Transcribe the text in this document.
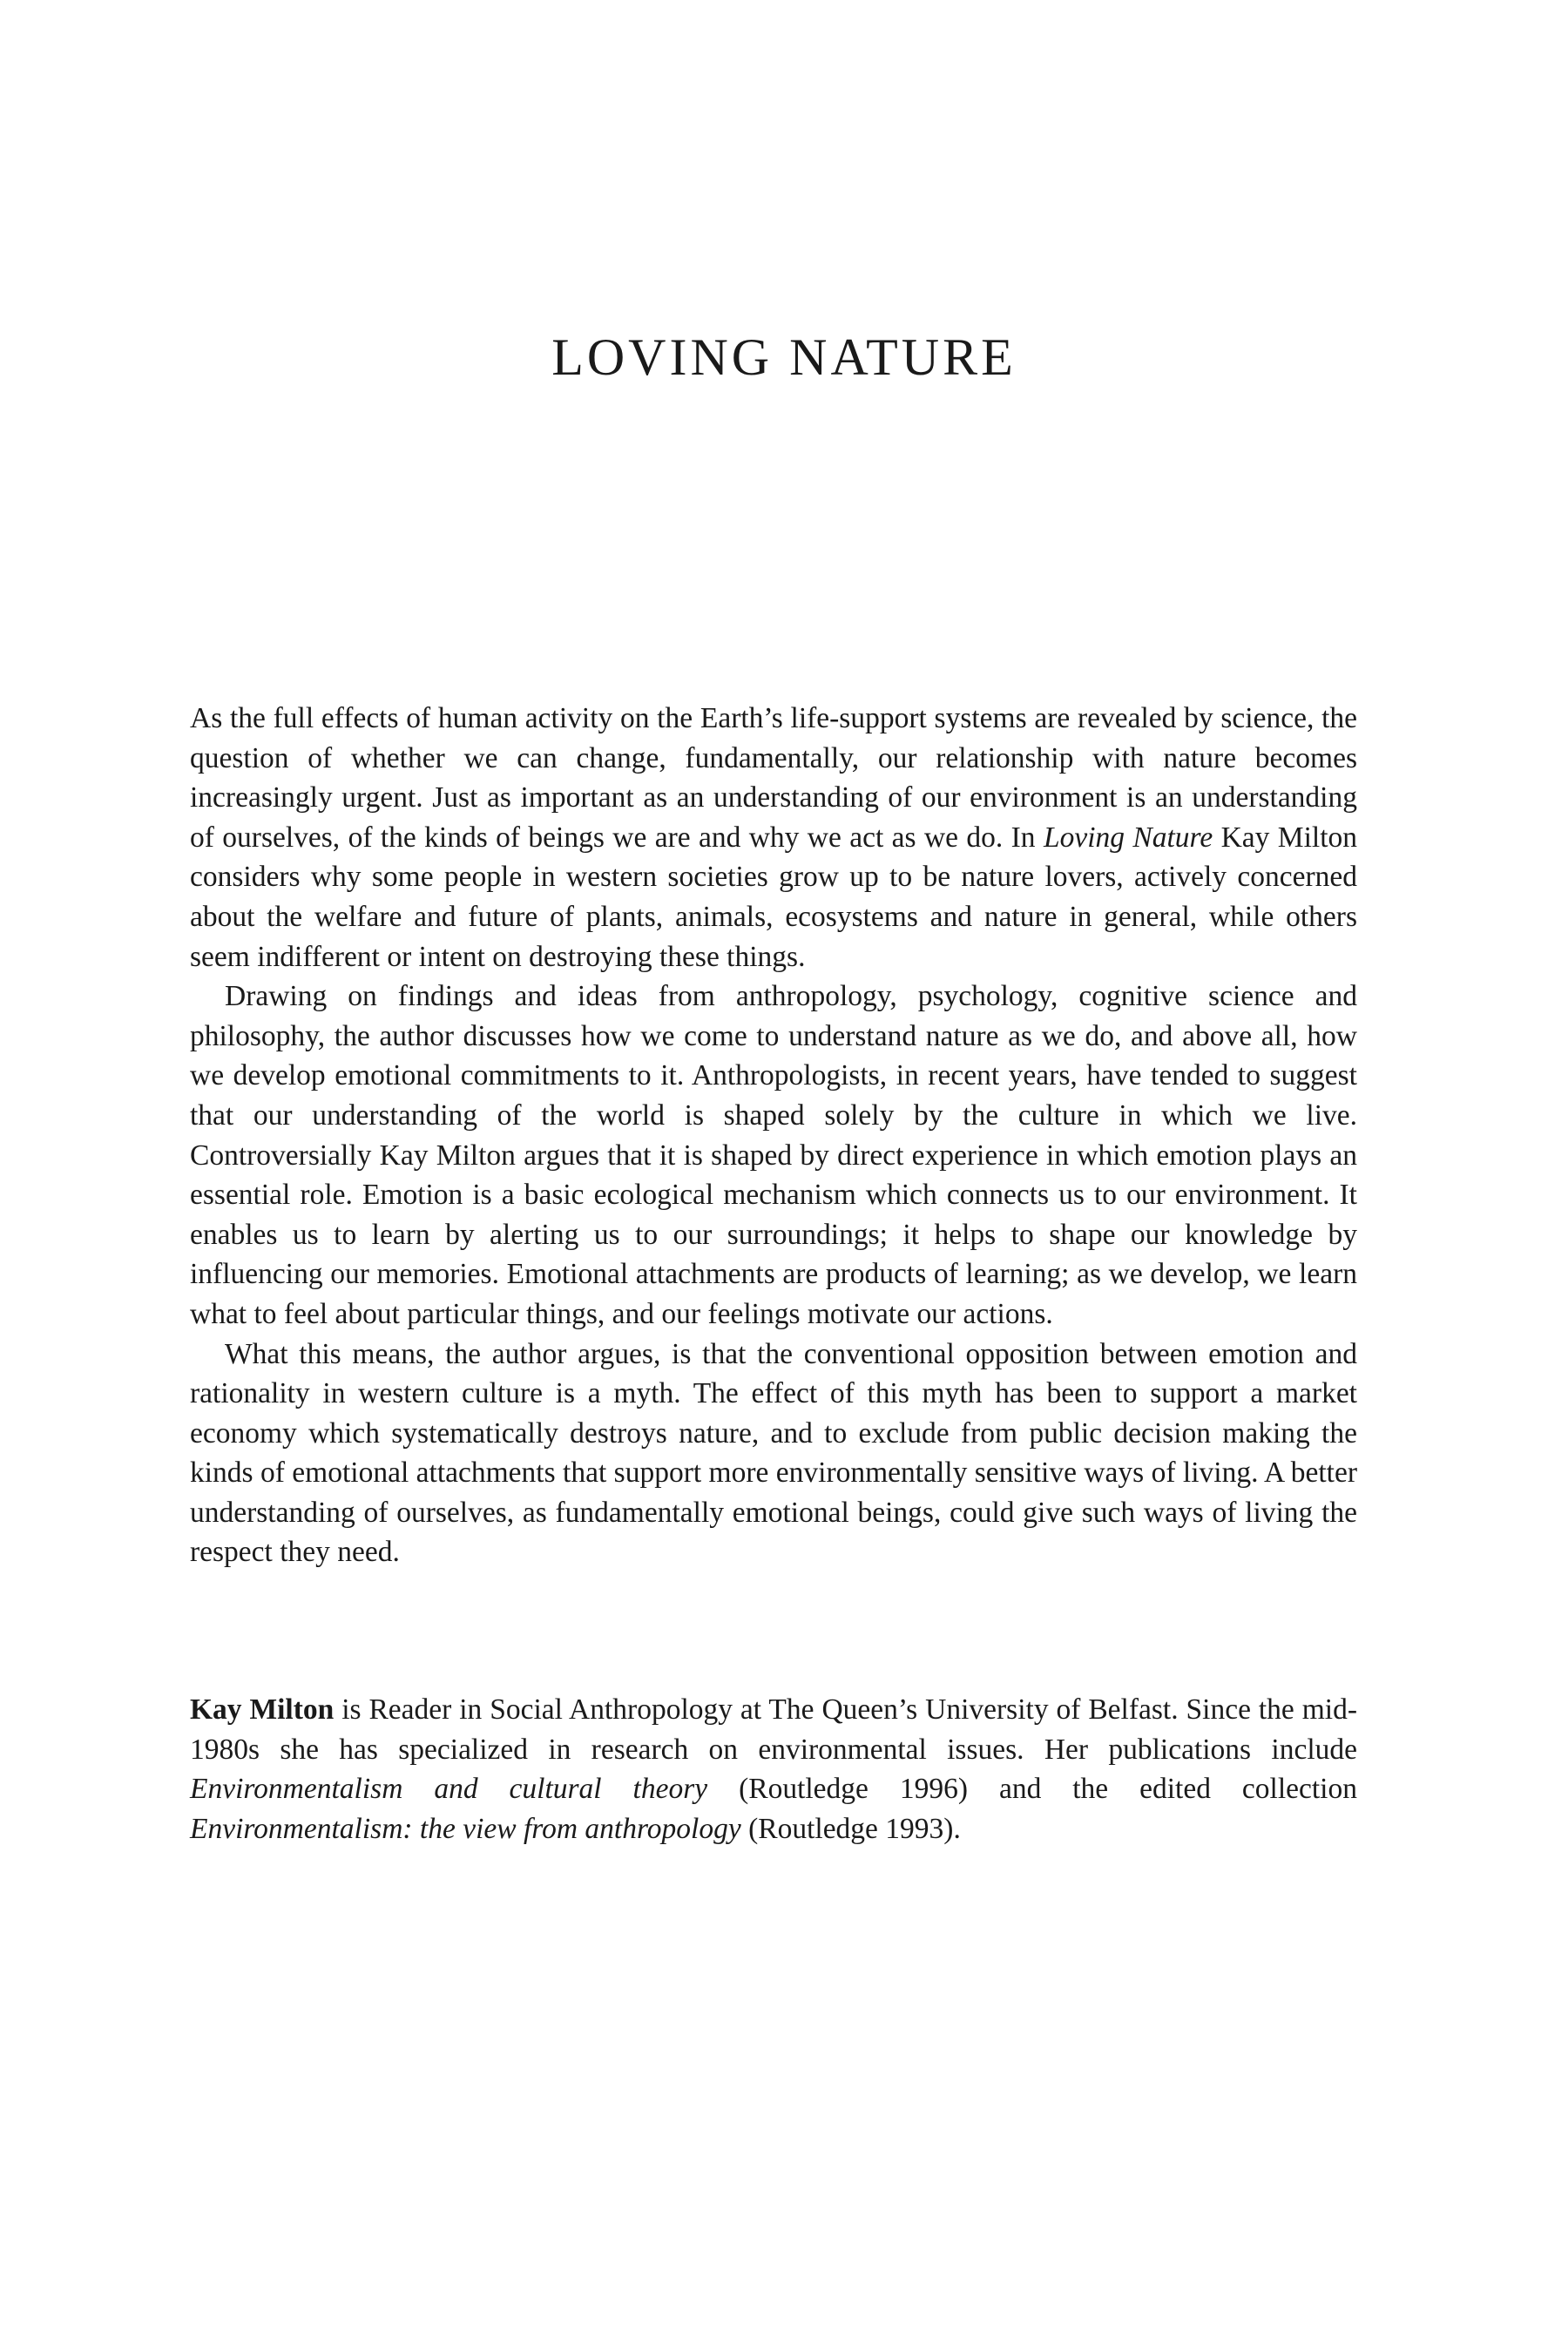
LOVING NATURE

As the full effects of human activity on the Earth’s life-support systems are revealed by science, the question of whether we can change, fundamentally, our relationship with nature becomes increasingly urgent. Just as important as an understanding of our environment is an understanding of ourselves, of the kinds of beings we are and why we act as we do. In Loving Nature Kay Milton considers why some people in western societies grow up to be nature lovers, actively concerned about the welfare and future of plants, animals, ecosystems and nature in general, while others seem indifferent or intent on destroying these things.

Drawing on findings and ideas from anthropology, psychology, cognitive science and philosophy, the author discusses how we come to understand nature as we do, and above all, how we develop emotional commitments to it. Anthropologists, in recent years, have tended to suggest that our understanding of the world is shaped solely by the culture in which we live. Controversially Kay Milton argues that it is shaped by direct experience in which emotion plays an essential role. Emotion is a basic ecological mechanism which connects us to our environment. It enables us to learn by alerting us to our surroundings; it helps to shape our knowledge by influencing our memories. Emotional attachments are products of learning; as we develop, we learn what to feel about particular things, and our feelings motivate our actions.

What this means, the author argues, is that the conventional opposition between emotion and rationality in western culture is a myth. The effect of this myth has been to support a market economy which systematically destroys nature, and to exclude from public decision making the kinds of emotional attachments that support more environmentally sensitive ways of living. A better understanding of ourselves, as fundamentally emotional beings, could give such ways of living the respect they need.

Kay Milton is Reader in Social Anthropology at The Queen’s University of Belfast. Since the mid-1980s she has specialized in research on environmental issues. Her publications include Environmentalism and cultural theory (Routledge 1996) and the edited collection Environmentalism: the view from anthropology (Routledge 1993).
